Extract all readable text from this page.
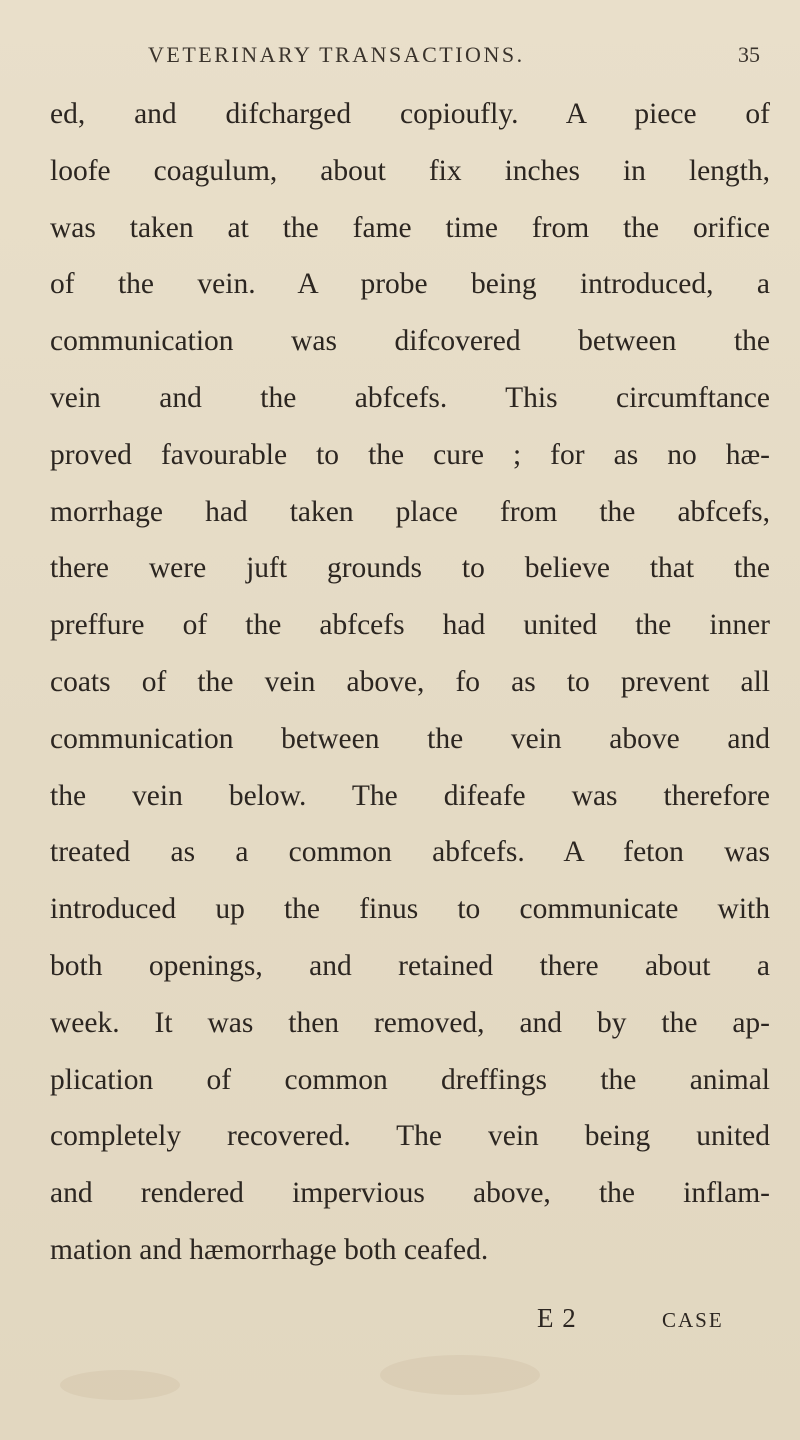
VETERINARY TRANSACTIONS.	35
ed, and difcharged copioufly. A piece of
loofe coagulum, about fix inches in length,
was taken at the fame time from the orifice
of the vein. A probe being introduced, a
communication was difcovered between the
vein and the abfcefs. This circumftance
proved favourable to the cure ; for as no hæ-
morrhage had taken place from the abfcefs,
there were juft grounds to believe that the
preffure of the abfcefs had united the inner
coats of the vein above, fo as to prevent all
communication between the vein above and
the vein below. The difeafe was therefore
treated as a common abfcefs. A feton was
introduced up the finus to communicate with
both openings, and retained there about a
week. It was then removed, and by the ap-
plication of common dreffings the animal
completely recovered. The vein being united
and rendered impervious above, the inflam-
mation and hæmorrhage both ceafed.
E 2	CASE
